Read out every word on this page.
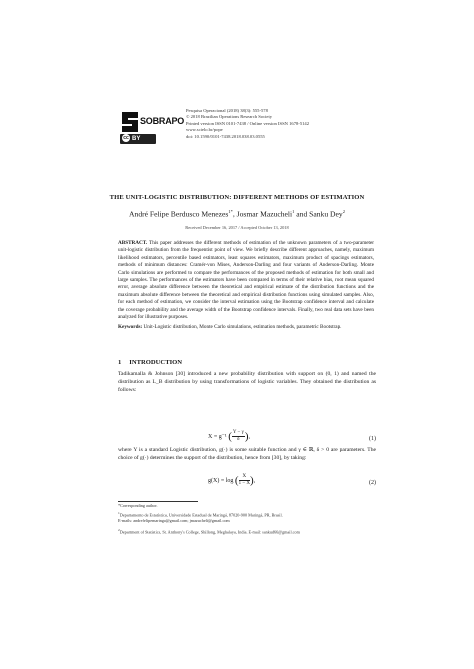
SOBRAPO
cc BY
Pesquisa Operacional (2018) 38(3): 555-578
© 2018 Brazilian Operations Research Society
Printed version ISSN 0101-7438 / Online version ISSN 1678-5142
www.scielo.br/pope
doi: 10.1590/0101-7438.2018.038.03.0555
THE UNIT-LOGISTIC DISTRIBUTION: DIFFERENT METHODS OF ESTIMATION
André Felipe Berdusco Menezes$^{1*}$, Josmar Mazucheli$^1$ and Sanku Dey$^2$
Received December 16, 2017 / Accepted October 13, 2018
ABSTRACT. This paper addresses the different methods of estimation of the unknown parameters of a two-parameter unit-logistic distribution from the frequentist point of view. We briefly describe different approaches, namely, maximum likelihood estimators, percentile based estimators, least squares estimators, maximum product of spacings estimators, methods of minimum distances: Cramér-von Mises, Anderson-Darling and four variants of Anderson-Darling. Monte Carlo simulations are performed to compare the performances of the proposed methods of estimation for both small and large samples. The performances of the estimators have been compared in terms of their relative bias, root mean squared error, average absolute difference between the theoretical and empirical estimate of the distribution functions and the maximum absolute difference between the theoretical and empirical distribution functions using simulated samples. Also, for each method of estimation, we consider the interval estimation using the Bootstrap confidence interval and calculate the coverage probability and the average width of the Bootstrap confidence intervals. Finally, two real data sets have been analyzed for illustrative purposes.
Keywords: Unit-Logistic distribution, Monte Carlo simulations, estimation methods, parametric Bootstrap.
1 INTRODUCTION
Tadikamalla & Johnson [30] introduced a new probability distribution with support on (0, 1) and named the distribution as L_B distribution by using transformations of logistic variables. They obtained the distribution as follows:
X = g⁻¹ ( $\frac{Y - \gamma}{\delta}$ ),	(1)
where Y is a standard Logistic distribution, g(·) is some suitable function and γ ∈ ℝ, δ > 0 are parameters. The choice of g(·) determines the support of the distribution, hence from [30], by taking:
g(X) = log ( $\frac{X}{1 - X}$ ),	(2)
*Corresponding author.
$^1$Departamento de Estatística, Universidade Estadual de Maringá, 87020-900 Maringá, PR, Brasil.
E-mails: andrefelipemaringa@gmail.com; jmazucheli@gmail.com
$^2$Department of Statistics, St. Anthony's College, Shillong, Meghalaya, India. E-mail: sankud66@gmail.com
